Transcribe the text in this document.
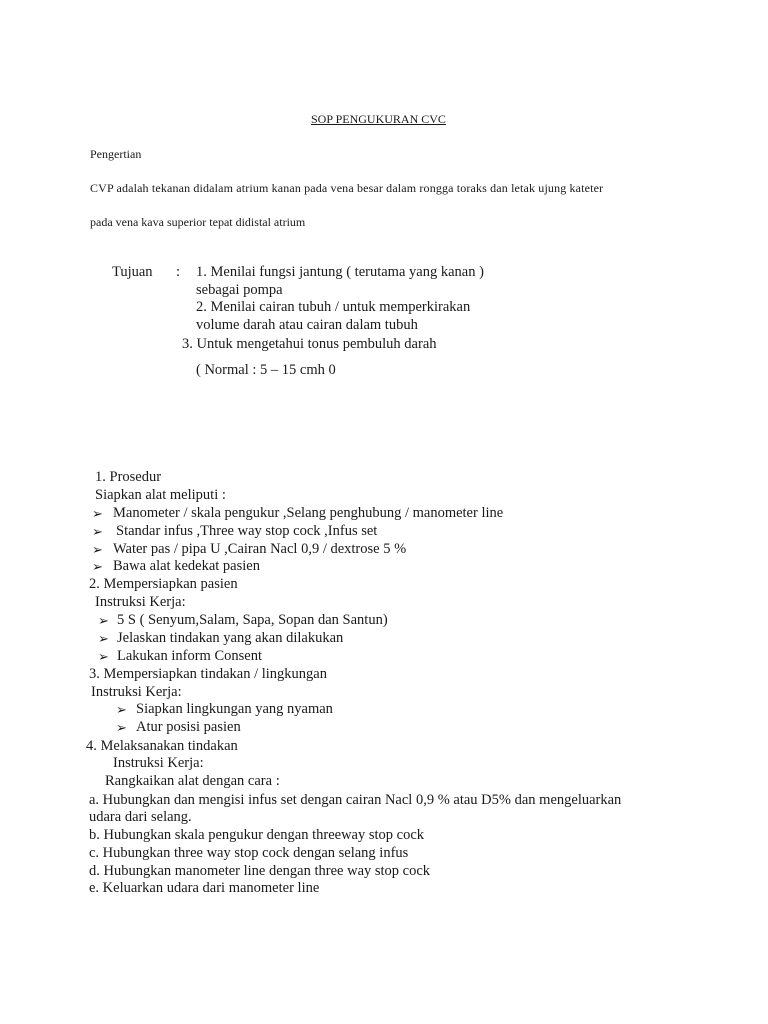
SOP PENGUKURAN CVC
Pengertian
CVP adalah tekanan didalam atrium kanan pada vena besar dalam rongga toraks dan letak ujung kateter
pada vena kava superior tepat didistal atrium
Tujuan : 1. Menilai fungsi jantung ( terutama yang kanan )
sebagai pompa
2. Menilai cairan tubuh / untuk memperkirakan
volume darah atau cairan dalam tubuh
3. Untuk mengetahui tonus pembuluh darah
( Normal : 5 – 15 cmh 0
1. Prosedur
Siapkan alat meliputi :
➢ Manometer / skala pengukur ,Selang penghubung / manometer line
➢ Standar infus ,Three way stop cock ,Infus set
➢ Water pas / pipa U ,Cairan Nacl 0,9 / dextrose 5 %
➢ Bawa alat kedekat pasien
2. Mempersiapkan pasien
Instruksi Kerja:
➢ 5 S ( Senyum,Salam, Sapa, Sopan dan Santun)
➢ Jelaskan tindakan yang akan dilakukan
➢ Lakukan inform Consent
3. Mempersiapkan tindakan / lingkungan
Instruksi Kerja:
➢ Siapkan lingkungan yang nyaman
➢ Atur posisi pasien
4. Melaksanakan tindakan
Instruksi Kerja:
Rangkaikan alat dengan cara :
a. Hubungkan dan mengisi infus set dengan cairan Nacl 0,9 % atau D5% dan mengeluarkan
udara dari selang.
b. Hubungkan skala pengukur dengan threeway stop cock
c. Hubungkan three way stop cock dengan selang infus
d. Hubungkan manometer line dengan three way stop cock
e. Keluarkan udara dari manometer line
